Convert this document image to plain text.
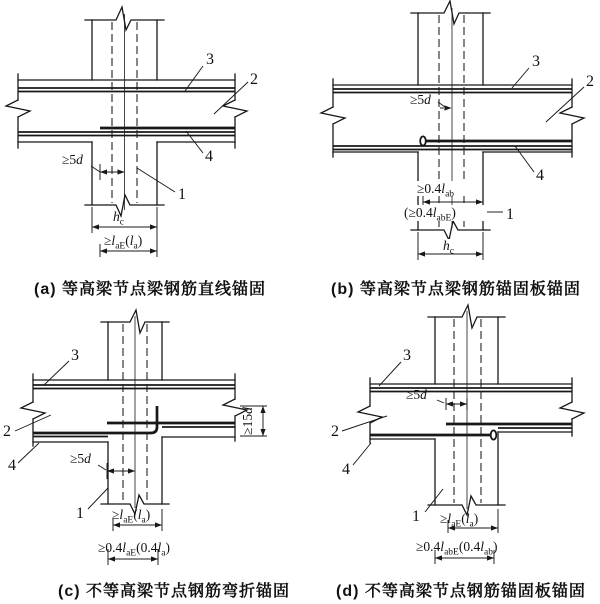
≥5d
$h_c$
$\ge l_{aE}(l_a)$
3
2
4
1
(a) 等高梁节点梁钢筋直线锚固
≥5d
$\ge 0.4l_{ab}$
$(\ge 0.4l_{abE})$
$h_c$
3
2
4
1
(b) 等高梁节点梁钢筋锚固板锚固
≥5d
≥15d
$\ge l_{aE}(l_a)$
$\ge 0.4l_{aE}(0.4l_a)$
3
2
4
1
(c) 不等高梁节点钢筋弯折锚固
≥5d
$\ge l_{aE}(l_a)$
$\ge 0.4l_{abE}(0.4l_{ab})$
3
2
4
1
(d) 不等高梁节点钢筋锚固板锚固
